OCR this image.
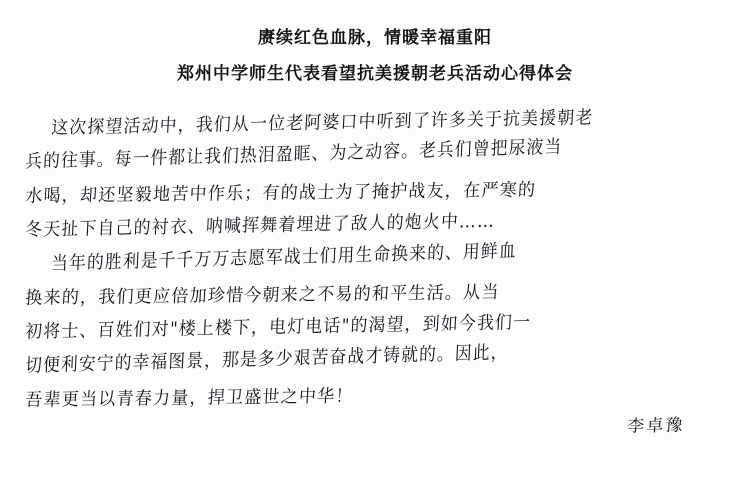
赓续红色血脉，情暖幸福重阳
郑州中学师生代表看望抗美援朝老兵活动心得体会
这次探望活动中，我们从一位老阿婆口中听到了许多关于抗美援朝老
兵的往事。每一件都让我们热泪盈眶、为之动容。老兵们曾把尿液当
水喝，却还坚毅地苦中作乐；有的战士为了掩护战友，在严寒的
冬天扯下自己的衬衣、呐喊挥舞着埋进了敌人的炮火中……
当年的胜利是千千万万志愿军战士们用生命换来的、用鲜血
换来的，我们更应倍加珍惜今朝来之不易的和平生活。从当
初将士、百姓们对"楼上楼下，电灯电话"的渴望，到如今我们一
切便利安宁的幸福图景，那是多少艰苦奋战才铸就的。因此，
吾辈更当以青春力量，捍卫盛世之中华！
李卓豫
